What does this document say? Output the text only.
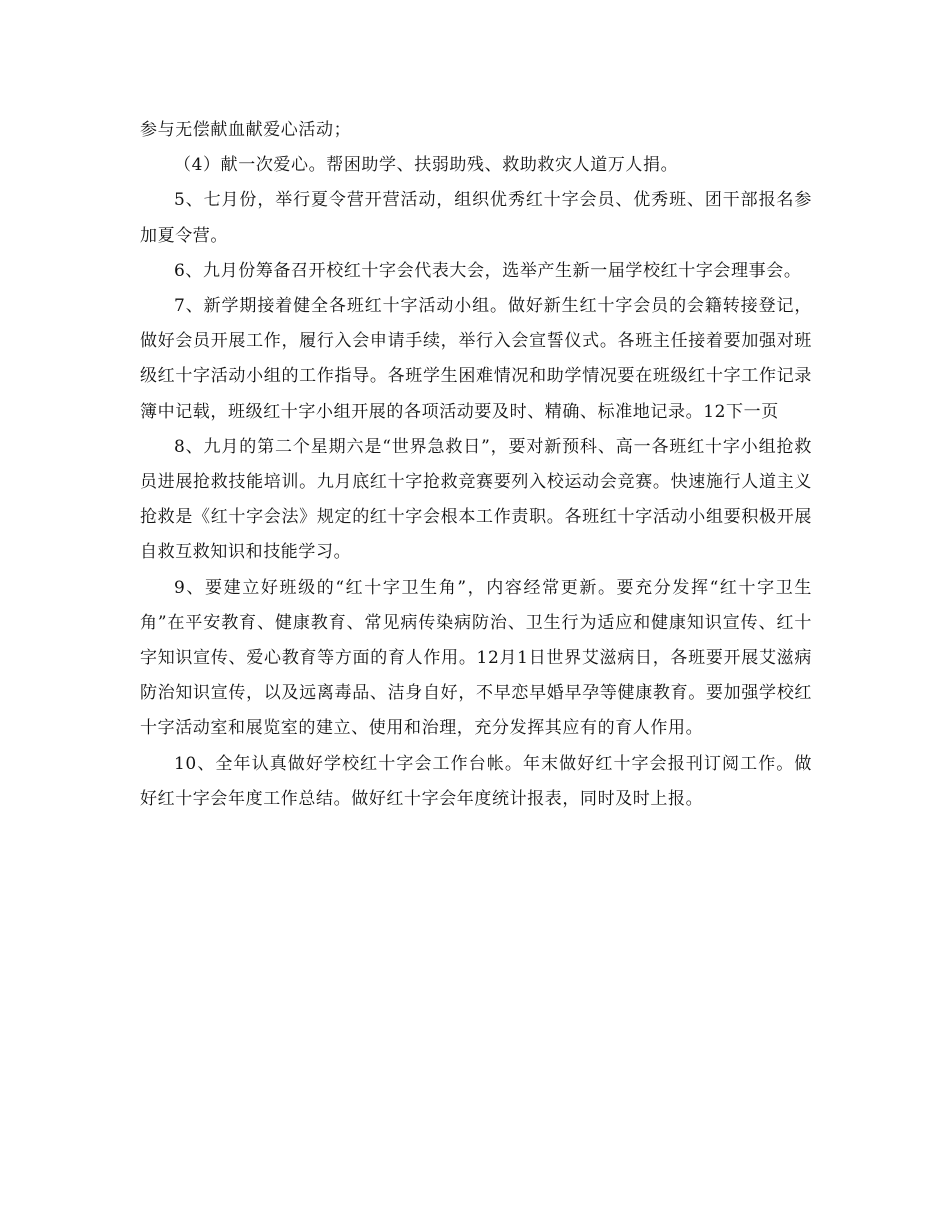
参与无偿献血献爱心活动；

（4）献一次爱心。帮困助学、扶弱助残、救助救灾人道万人捐。

5、七月份，举行夏令营开营活动，组织优秀红十字会员、优秀班、团干部报名参加夏令营。

6、九月份筹备召开校红十字会代表大会，选举产生新一届学校红十字会理事会。

7、新学期接着健全各班红十字活动小组。做好新生红十字会员的会籍转接登记，做好会员开展工作，履行入会申请手续，举行入会宣誓仪式。各班主任接着要加强对班级红十字活动小组的工作指导。各班学生困难情况和助学情况要在班级红十字工作记录簿中记载，班级红十字小组开展的各项活动要及时、精确、标准地记录。12下一页

8、九月的第二个星期六是“世界急救日”，要对新预科、高一各班红十字小组抢救员进展抢救技能培训。九月底红十字抢救竞赛要列入校运动会竞赛。快速施行人道主义抢救是《红十字会法》规定的红十字会根本工作责职。各班红十字活动小组要积极开展自救互救知识和技能学习。

9、要建立好班级的“红十字卫生角”，内容经常更新。要充分发挥“红十字卫生角”在平安教育、健康教育、常见病传染病防治、卫生行为适应和健康知识宣传、红十字知识宣传、爱心教育等方面的育人作用。12月1日世界艾滋病日，各班要开展艾滋病防治知识宣传，以及远离毒品、洁身自好，不早恋早婚早孕等健康教育。要加强学校红十字活动室和展览室的建立、使用和治理，充分发挥其应有的育人作用。

10、全年认真做好学校红十字会工作台帐。年末做好红十字会报刊订阅工作。做好红十字会年度工作总结。做好红十字会年度统计报表，同时及时上报。
